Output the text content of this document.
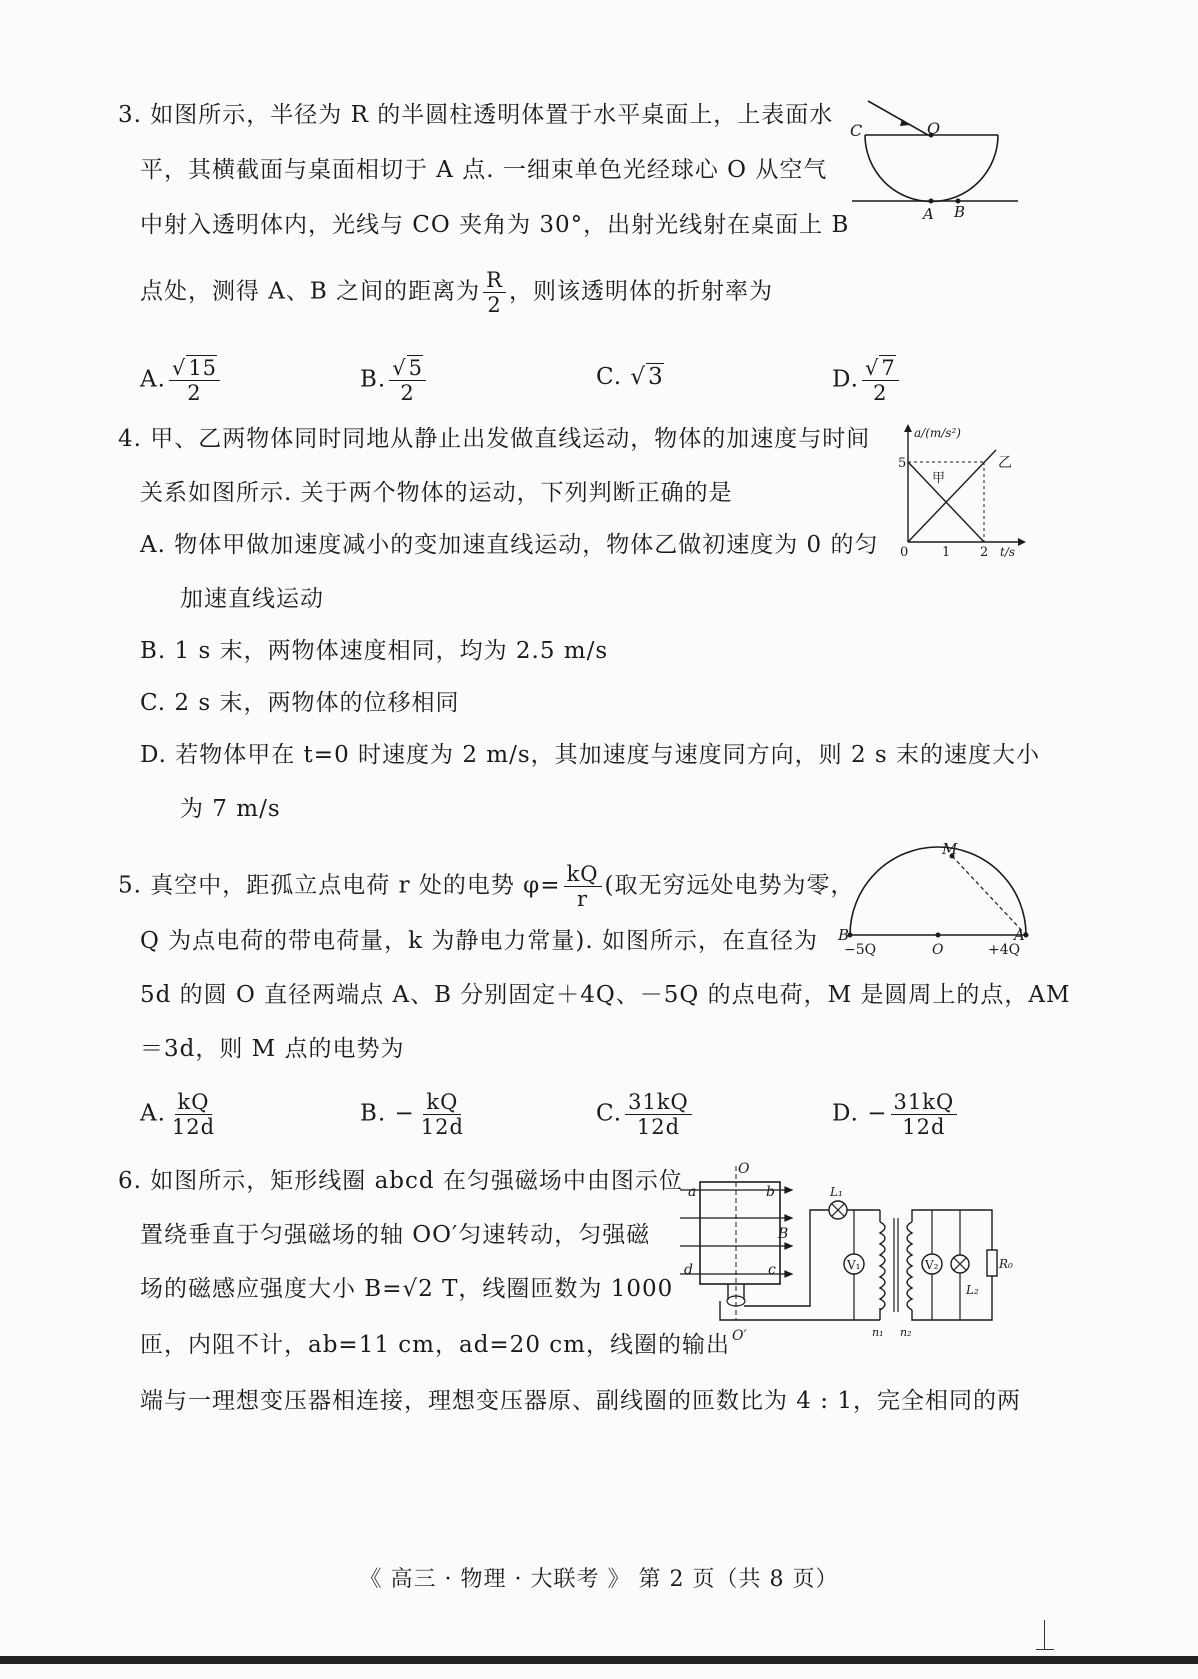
3. 如图所示，半径为 R 的半圆柱透明体置于水平桌面上，上表面水
平，其横截面与桌面相切于 A 点. 一细束单色光经球心 O 从空气
中射入透明体内，光线与 CO 夹角为 30°，出射光线射在桌面上 B
点处，测得 A、B 之间的距离为 $\frac{R}{2}$ ，则该透明体的折射率为
A. $\frac{√15}{2}$	B. $\frac{√5}{2}$	C. √3	D. $\frac{√7}{2}$
C	O
A B
4. 甲、乙两物体同时同地从静止出发做直线运动，物体的加速度与时间
关系如图所示. 关于两个物体的运动，下列判断正确的是
A. 物体甲做加速度减小的变加速直线运动，物体乙做初速度为 0 的匀
加速直线运动
B. 1 s 末，两物体速度相同，均为 2.5 m/s
C. 2 s 末，两物体的位移相同
D. 若物体甲在 t=0 时速度为 2 m/s，其加速度与速度同方向，则 2 s 末的速度大小
为 7 m/s
a/(m/s²)
5
0	1 2 t/s
甲
乙
5. 真空中，距孤立点电荷 r 处的电势 $\varphi= \frac{kQ}{r}$ (取无穷远处电势为零，
Q 为点电荷的带电荷量，k 为静电力常量). 如图所示，在直径为
5d 的圆 O 直径两端点 A、B 分别固定＋4Q、－5Q 的点电荷，M 是圆周上的点，AM
＝3d，则 M 点的电势为
A. $\frac{kQ}{12d}$	B. − $\frac{kQ}{12d}$	C. $\frac{31kQ}{12d}$	D. − $\frac{31kQ}{12d}$
M
B	A
O
−5Q	+4Q
6. 如图所示，矩形线圈 abcd 在匀强磁场中由图示位
置绕垂直于匀强磁场的轴 OO′匀速转动，匀强磁
场的磁感应强度大小 B=√2 T，线圈匝数为 1000
匝，内阻不计，ab=11 cm，ad=20 cm，线圈的输出
端与一理想变压器相连接，理想变压器原、副线圈的匝数比为 4 : 1，完全相同的两
V₁	V₂
O
O′
a	b
c
d
B
L₁
L₂
R₀
n₁ n₂
《 高三 · 物理 · 大联考 》 第 2 页（共 8 页）
